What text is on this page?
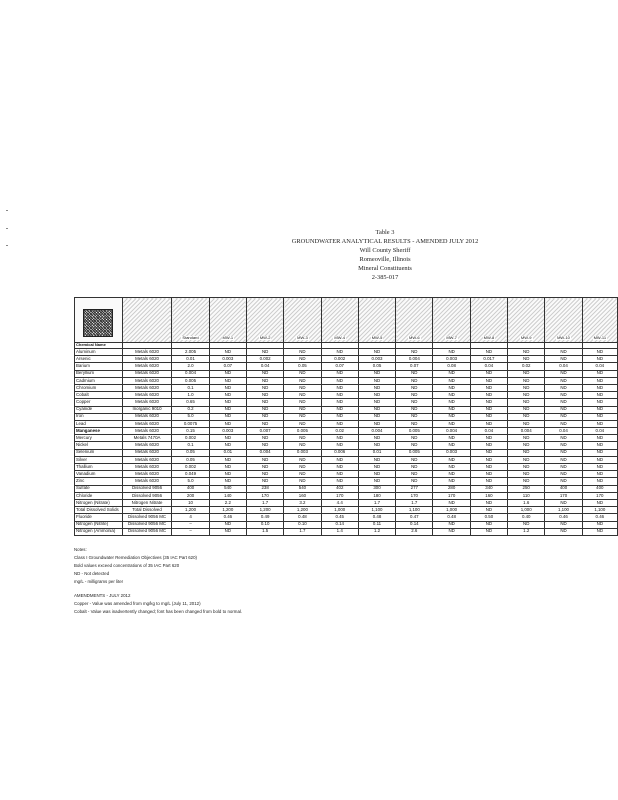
Table 3
GROUNDWATER ANALYTICAL RESULTS - AMENDED JULY 2012
Will County Sheriff
Romeoville, Illinois
Mineral Constituents
2-385-017
		Standard	MW-1	MW-2	MW-3	MW-4	MW-5	MW-6	MW-7	MW-8	MW-9	MW-10	MW-11
Chemical Name													
Aluminum	Metals 6020	2.005	ND	ND	ND	ND	ND	ND	ND	ND	ND	ND	ND
Arsenic	Metals 6020	0.01	0.003	0.002	ND	0.002	0.003	0.004	0.003	0.017	ND	ND	ND
Barium	Metals 6020	2.0	0.07	0.04	0.05	0.07	0.05	0.07	0.08	0.04	0.02	0.04	0.04
Beryllium	Metals 6020	0.004	ND	ND	ND	ND	ND	ND	ND	ND	ND	ND	ND
Cadmium	Metals 6020	0.005	ND	ND	ND	ND	ND	ND	ND	ND	ND	ND	ND
Chromium	Metals 6020	0.1	ND	ND	ND	ND	ND	ND	ND	ND	ND	ND	ND
Cobalt	Metals 6020	1.0	ND	ND	ND	ND	ND	ND	ND	ND	ND	ND	ND
Copper	Metals 6020	0.65	ND	ND	ND	ND	ND	ND	ND	ND	ND	ND	ND
Cyanide	Inorganic 9010	0.2	ND	ND	ND	ND	ND	ND	ND	ND	ND	ND	ND
Iron	Metals 6020	5.0	ND	ND	ND	ND	ND	ND	ND	ND	ND	ND	ND
Lead	Metals 6020	0.0075	ND	ND	ND	ND	ND	ND	ND	ND	ND	ND	ND
Manganese	Metals 6020	0.15	0.003	0.007	0.005	0.02	0.004	0.005	0.004	0.04	0.004	0.04	0.04
Mercury	Metals 7470A	0.002	ND	ND	ND	ND	ND	ND	ND	ND	ND	ND	ND
Nickel	Metals 6020	0.1	ND	ND	ND	ND	ND	ND	ND	ND	ND	ND	ND
Selenium	Metals 6020	0.05	0.01	0.004	0.003	0.006	0.01	0.005	0.003	ND	ND	ND	ND
Silver	Metals 6020	0.05	ND	ND	ND	ND	ND	ND	ND	ND	ND	ND	ND
Thallium	Metals 6020	0.002	ND	ND	ND	ND	ND	ND	ND	ND	ND	ND	ND
Vanadium	Metals 6020	0.049	ND	ND	ND	ND	ND	ND	ND	ND	ND	ND	ND
Zinc	Metals 6020	5.0	ND	ND	ND	ND	ND	ND	ND	ND	ND	ND	ND
Sulfate	Dissolved 9056	400	540	238	540	402	300	277	280	340	250	400	400
Chloride	Dissolved 9056	200	140	170	160	170	180	170	170	160	110	170	170
Nitrogen (Nitrate)	Nitrogen Nitrate	10	2.2	1.7	3.2	4.4	1.7	1.7	ND	ND	1.6	ND	ND
Total Dissolved Solids	Total Dissolved	1,200	1,200	1,200	1,200	1,000	1,100	1,100	1,000	ND	1,000	1,100	1,100
Fluoride	Dissolved 9056 MC	4	0.46	0.49	0.48	0.45	0.48	0.47	0.48	0.50	0.40	0.46	0.46
Nitrogen (Nitrite)	Dissolved 9056 MC	–	ND	0.10	0.10	0.14	0.11	0.14	ND	ND	ND	ND	ND
Nitrogen (Ammonia)	Dissolved 9056 MC	–	ND	1.5	1.7	1.4	1.2	2.6	ND	ND	1.2	ND	ND
Notes:
Class I Groundwater Remediation Objectives (35 IAC Part 620)
Bold values exceed concentrations of 35 IAC Part 620
ND - Not detected
mg/L - milligrams per liter
AMENDMENTS - JULY 2012
Copper - Value was amended from mg/kg to mg/L (July 11, 2012)
Cobalt - Value was inadvertently changed; font has been changed from bold to normal.
